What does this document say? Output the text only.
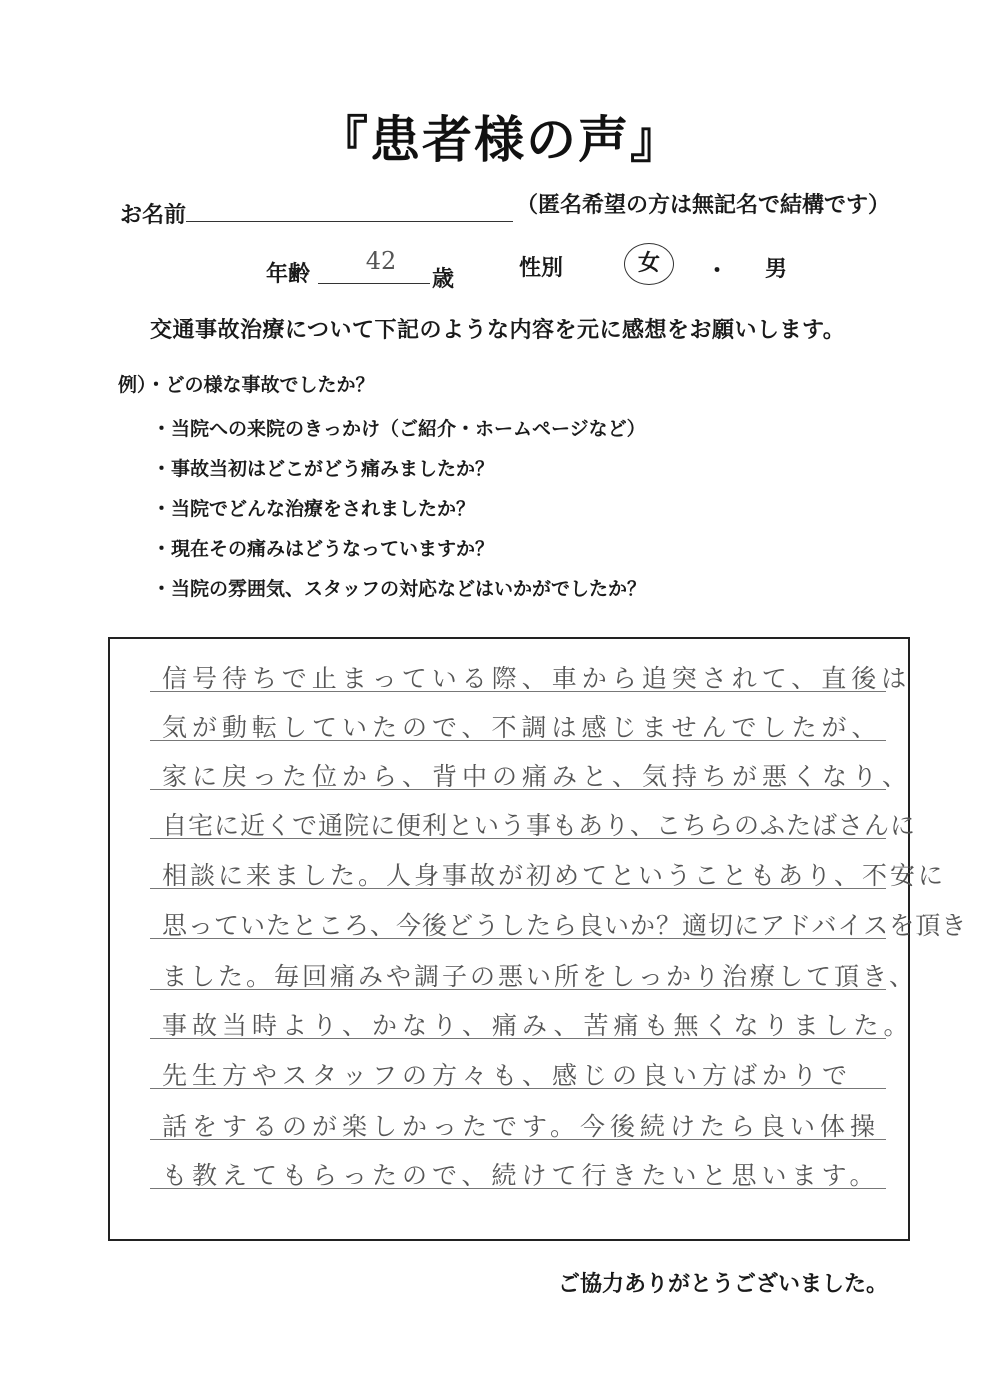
『患者様の声』
お名前	（匿名希望の方は無記名で結構です）
年齢	42
歳	性別	女	・ 男
交通事故治療について下記のような内容を元に感想をお願いします。
例）・どの様な事故でしたか？
・当院への来院のきっかけ（ご紹介・ホームページなど）
・事故当初はどこがどう痛みましたか？
・当院でどんな治療をされましたか？
・現在その痛みはどうなっていますか？
・当院の雰囲気、スタッフの対応などはいかがでしたか？
信号待ちで止まっている際、車から追突されて、直後は
気が動転していたので、不調は感じませんでしたが、
家に戻った位から、背中の痛みと、気持ちが悪くなり、
自宅に近くで通院に便利という事もあり、こちらのふたばさんに
相談に来ました。人身事故が初めてということもあり、不安に
思っていたところ、今後どうしたら良いか？適切にアドバイスを頂き
ました。毎回痛みや調子の悪い所をしっかり治療して頂き、
事故当時より、かなり、痛み、苦痛も無くなりました。
先生方やスタッフの方々も、感じの良い方ばかりで
話をするのが楽しかったです。今後続けたら良い体操
も教えてもらったので、続けて行きたいと思います。
ご協力ありがとうございました。
